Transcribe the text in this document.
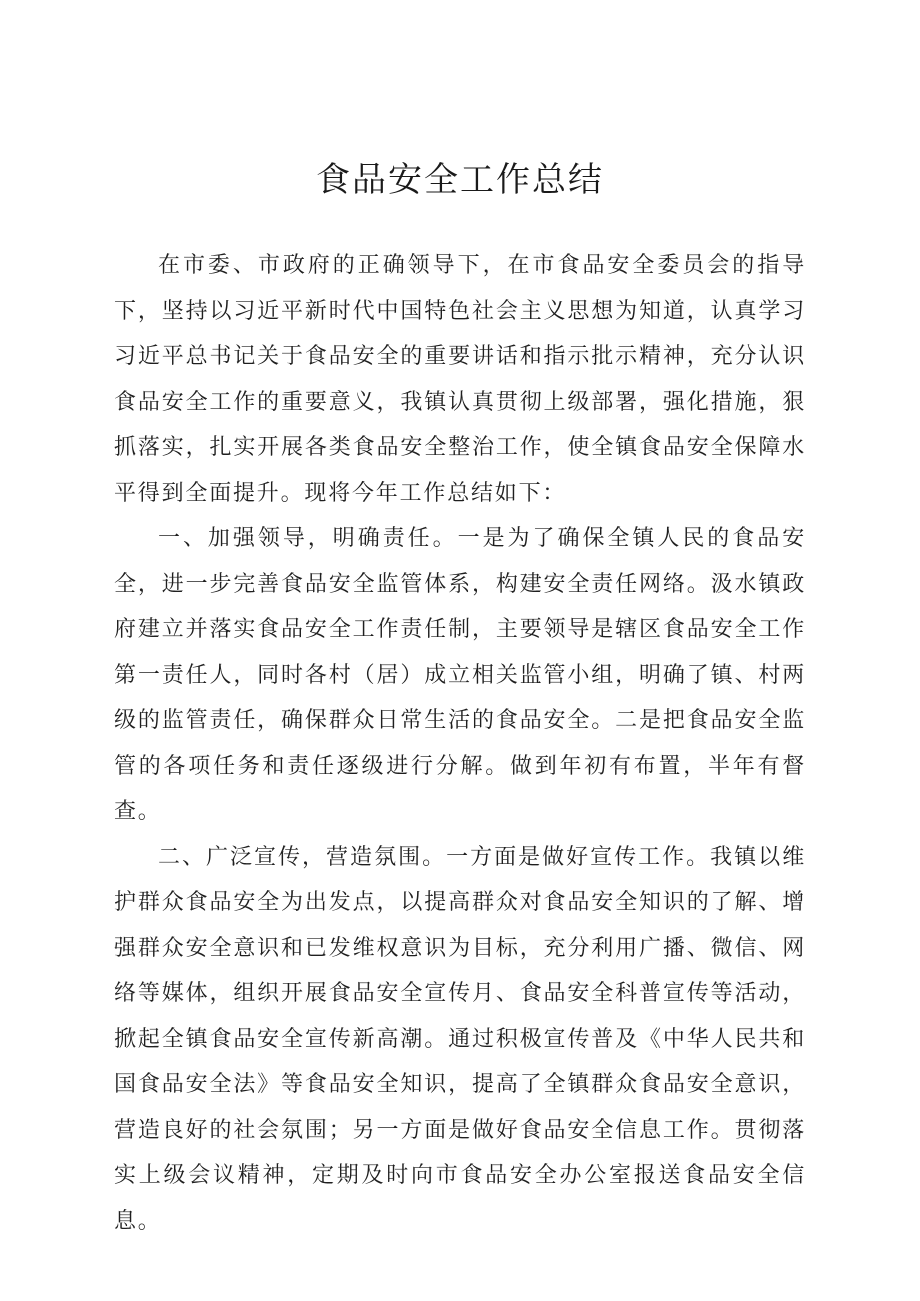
食品安全工作总结

在市委、市政府的正确领导下，在市食品安全委员会的指导下，坚持以习近平新时代中国特色社会主义思想为知道，认真学习习近平总书记关于食品安全的重要讲话和指示批示精神，充分认识食品安全工作的重要意义，我镇认真贯彻上级部署，强化措施，狠抓落实，扎实开展各类食品安全整治工作，使全镇食品安全保障水平得到全面提升。现将今年工作总结如下：

一、加强领导，明确责任。一是为了确保全镇人民的食品安全，进一步完善食品安全监管体系，构建安全责任网络。汲水镇政府建立并落实食品安全工作责任制，主要领导是辖区食品安全工作第一责任人，同时各村（居）成立相关监管小组，明确了镇、村两级的监管责任，确保群众日常生活的食品安全。二是把食品安全监管的各项任务和责任逐级进行分解。做到年初有布置，半年有督查。

二、广泛宣传，营造氛围。一方面是做好宣传工作。我镇以维护群众食品安全为出发点，以提高群众对食品安全知识的了解、增强群众安全意识和已发维权意识为目标，充分利用广播、微信、网络等媒体，组织开展食品安全宣传月、食品安全科普宣传等活动，掀起全镇食品安全宣传新高潮。通过积极宣传普及《中华人民共和国食品安全法》等食品安全知识，提高了全镇群众食品安全意识，营造良好的社会氛围；另一方面是做好食品安全信息工作。贯彻落实上级会议精神，定期及时向市食品安全办公室报送食品安全信息。
